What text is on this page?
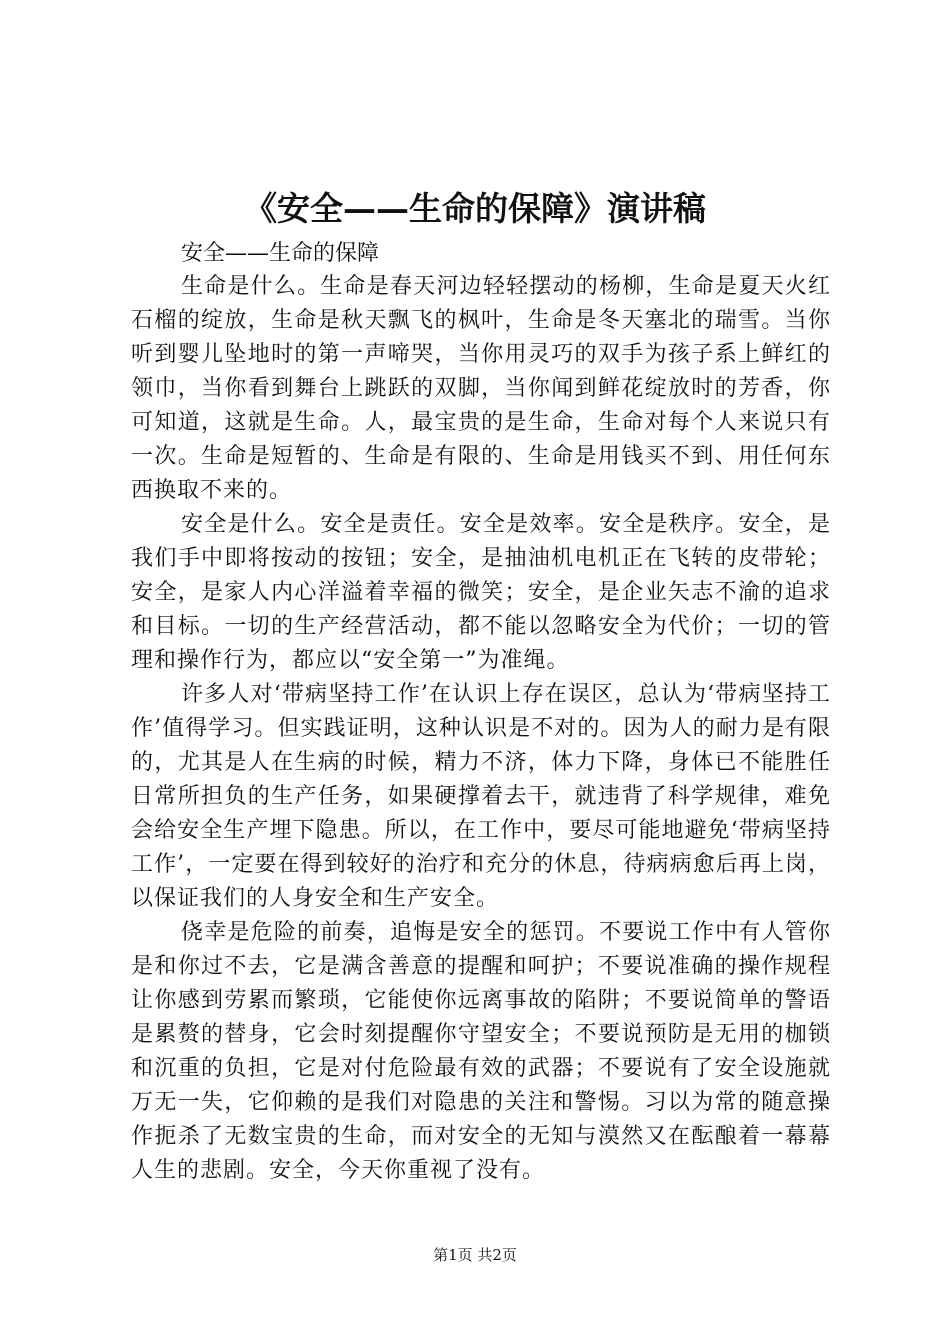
《安全——生命的保障》演讲稿
安全——生命的保障

生命是什么。生命是春天河边轻轻摆动的杨柳，生命是夏天火红石榴的绽放，生命是秋天飘飞的枫叶，生命是冬天塞北的瑞雪。当你听到婴儿坠地时的第一声啼哭，当你用灵巧的双手为孩子系上鲜红的领巾，当你看到舞台上跳跃的双脚，当你闻到鲜花绽放时的芳香，你可知道，这就是生命。人，最宝贵的是生命，生命对每个人来说只有一次。生命是短暂的、生命是有限的、生命是用钱买不到、用任何东西换取不来的。

安全是什么。安全是责任。安全是效率。安全是秩序。安全，是我们手中即将按动的按钮；安全，是抽油机电机正在飞转的皮带轮；安全，是家人内心洋溢着幸福的微笑；安全，是企业矢志不渝的追求和目标。一切的生产经营活动，都不能以忽略安全为代价；一切的管理和操作行为，都应以“安全第一”为准绳。

许多人对‘带病坚持工作’在认识上存在误区，总认为‘带病坚持工作’值得学习。但实践证明，这种认识是不对的。因为人的耐力是有限的，尤其是人在生病的时候，精力不济，体力下降，身体已不能胜任日常所担负的生产任务，如果硬撑着去干，就违背了科学规律，难免会给安全生产埋下隐患。所以，在工作中，要尽可能地避免‘带病坚持工作’，一定要在得到较好的治疗和充分的休息，待病病愈后再上岗，以保证我们的人身安全和生产安全。

侥幸是危险的前奏，追悔是安全的惩罚。不要说工作中有人管你是和你过不去，它是满含善意的提醒和呵护；不要说准确的操作规程让你感到劳累而繁琐，它能使你远离事故的陷阱；不要说简单的警语是累赘的替身，它会时刻提醒你守望安全；不要说预防是无用的枷锁和沉重的负担，它是对付危险最有效的武器；不要说有了安全设施就万无一失，它仰赖的是我们对隐患的关注和警惕。习以为常的随意操作扼杀了无数宝贵的生命，而对安全的无知与漠然又在酝酿着一幕幕人生的悲剧。安全，今天你重视了没有。

第1页 共2页
